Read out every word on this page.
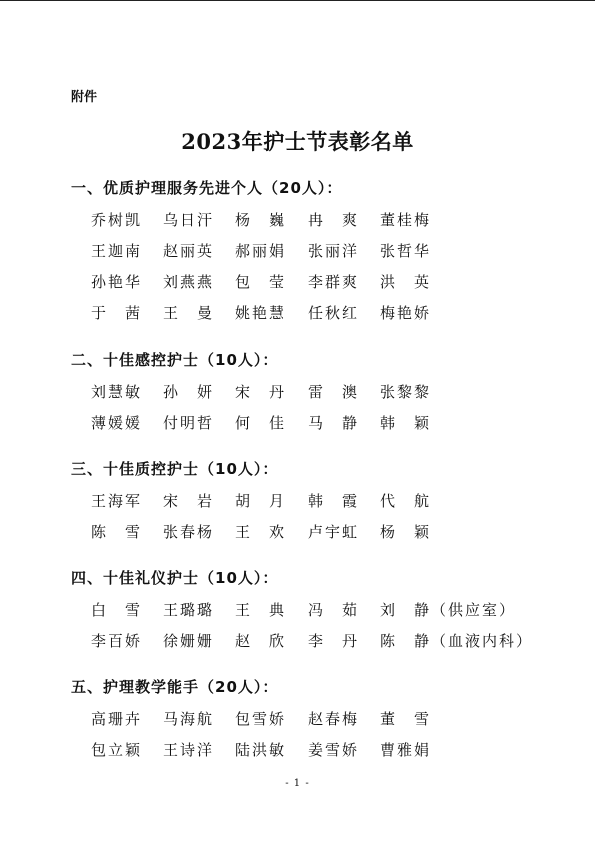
附件
2023年护士节表彰名单
一、优质护理服务先进个人（20人）：
乔树凯 乌日汗 杨　巍 冉　爽 董桂梅
王迦南 赵丽英 郝丽娟 张丽洋 张哲华
孙艳华 刘燕燕 包　莹 李群爽 洪　英
于　茜 王　曼 姚艳慧 任秋红 梅艳娇
二、十佳感控护士（10人）：
刘慧敏 孙　妍 宋　丹 雷　澳 张黎黎
薄媛媛 付明哲 何　佳 马　静 韩　颖
三、十佳质控护士（10人）：
王海军 宋　岩 胡　月 韩　霞 代　航
陈　雪 张春杨 王　欢 卢宇虹 杨　颖
四、十佳礼仪护士（10人）：
白　雪 王璐璐 王　典 冯　茹 刘　静（供应室）
李百娇 徐姗姗 赵　欣 李　丹 陈　静（血液内科）
五、护理教学能手（20人）：
高珊卉 马海航 包雪娇 赵春梅 董　雪
包立颖 王诗洋 陆洪敏 姜雪娇 曹雅娟
- 1 -
